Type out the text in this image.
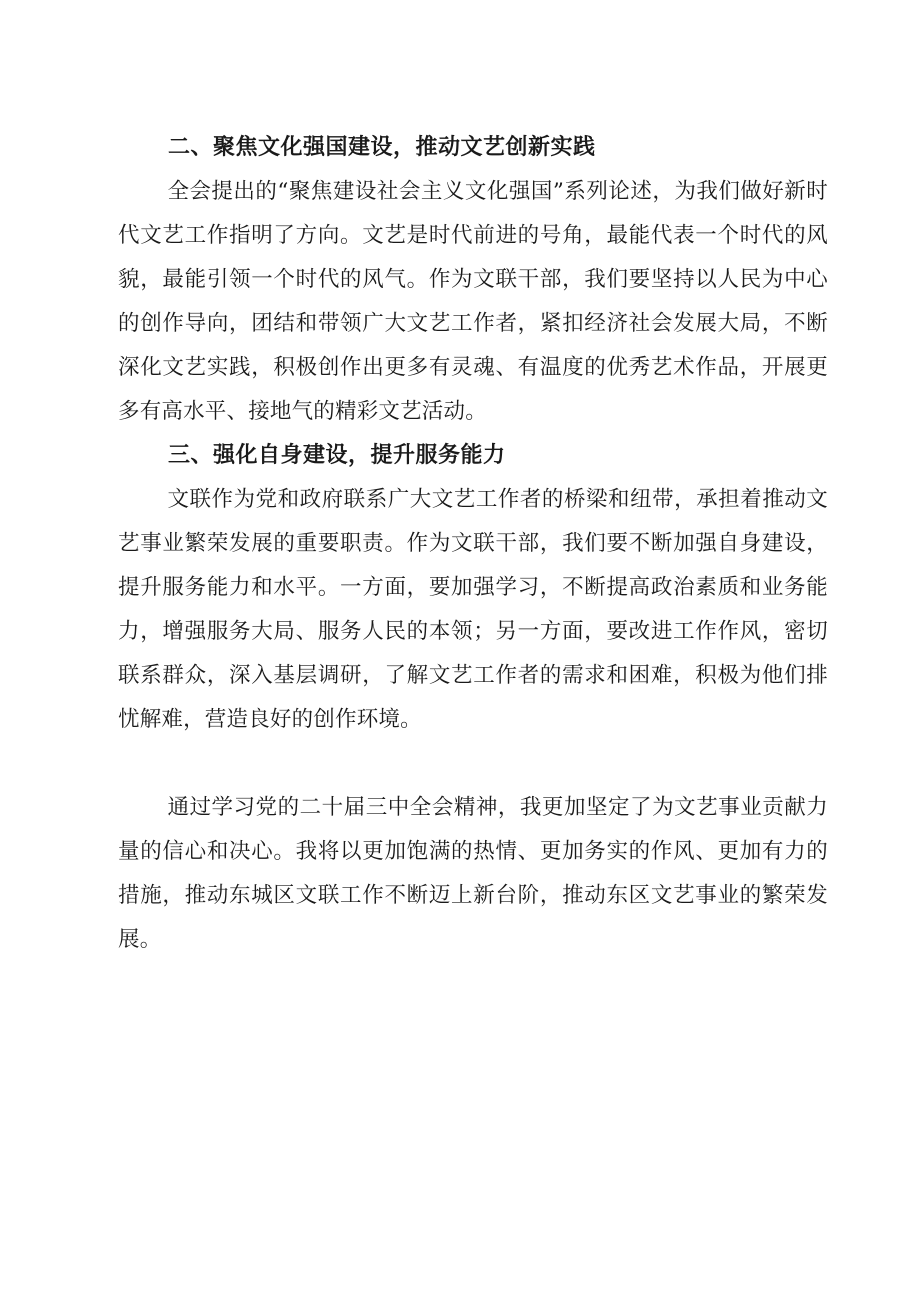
二、聚焦文化强国建设，推动文艺创新实践

全会提出的“聚焦建设社会主义文化强国”系列论述，为我们做好新时代文艺工作指明了方向。文艺是时代前进的号角，最能代表一个时代的风貌，最能引领一个时代的风气。作为文联干部，我们要坚持以人民为中心的创作导向，团结和带领广大文艺工作者，紧扣经济社会发展大局，不断深化文艺实践，积极创作出更多有灵魂、有温度的优秀艺术作品，开展更多有高水平、接地气的精彩文艺活动。

三、强化自身建设，提升服务能力

文联作为党和政府联系广大文艺工作者的桥梁和纽带，承担着推动文艺事业繁荣发展的重要职责。作为文联干部，我们要不断加强自身建设，提升服务能力和水平。一方面，要加强学习，不断提高政治素质和业务能力，增强服务大局、服务人民的本领；另一方面，要改进工作作风，密切联系群众，深入基层调研，了解文艺工作者的需求和困难，积极为他们排忧解难，营造良好的创作环境。

通过学习党的二十届三中全会精神，我更加坚定了为文艺事业贡献力量的信心和决心。我将以更加饱满的热情、更加务实的作风、更加有力的措施，推动东城区文联工作不断迈上新台阶，推动东区文艺事业的繁荣发展。
